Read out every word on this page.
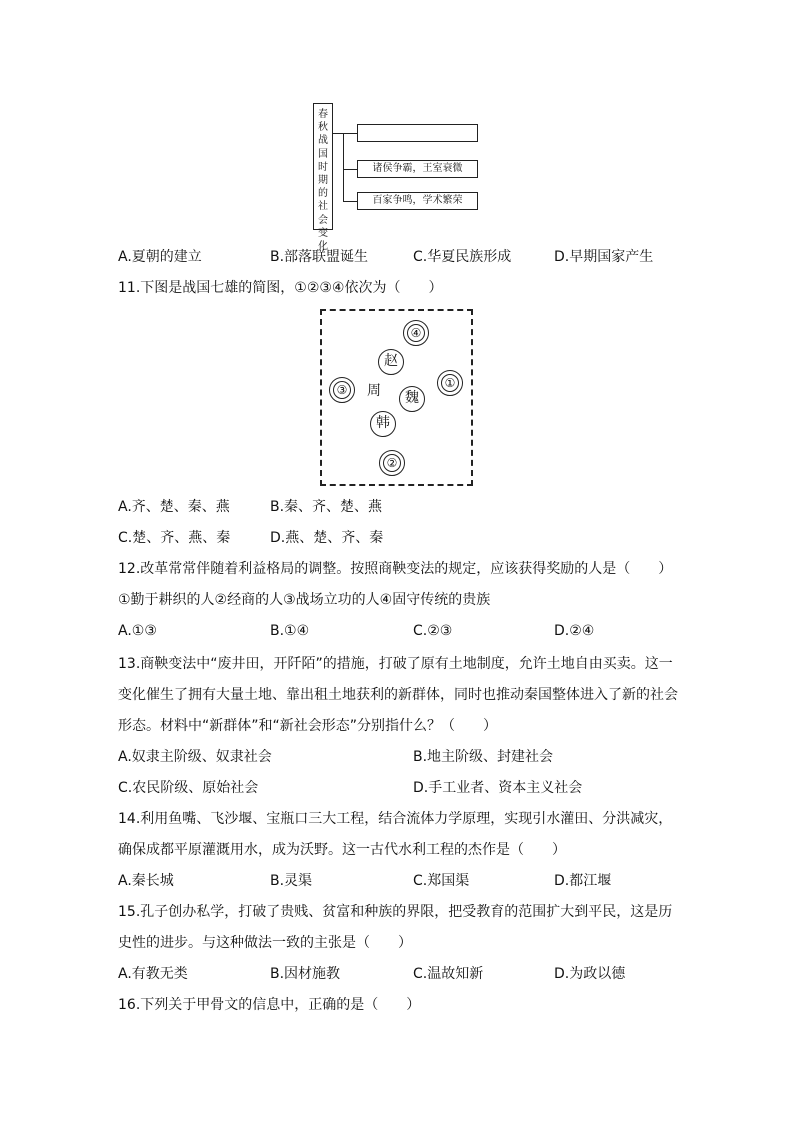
春秋战国时期的社会变化
诸侯争霸，王室衰微
百家争鸣，学术繁荣
A.夏朝的建立	B.部落联盟诞生	C.华夏民族形成	D.早期国家产生
11.下图是战国七雄的简图，①②③④依次为（　　）
④
赵
③ 周	魏
①
韩
②
A.齐、楚、秦、燕	B.秦、齐、楚、燕
C.楚、齐、燕、秦	D.燕、楚、齐、秦
12.改革常常伴随着利益格局的调整。按照商鞅变法的规定，应该获得奖励的人是（　　）
①勤于耕织的人②经商的人③战场立功的人④固守传统的贵族
A.①③	B.①④	C.②③	D.②④
13.商鞅变法中“废井田，开阡陌”的措施，打破了原有土地制度，允许土地自由买卖。这一
变化催生了拥有大量土地、靠出租土地获利的新群体，同时也推动秦国整体进入了新的社会
形态。材料中“新群体”和“新社会形态”分别指什么？（　　）
A.奴隶主阶级、奴隶社会	B.地主阶级、封建社会
C.农民阶级、原始社会	D.手工业者、资本主义社会
14.利用鱼嘴、飞沙堰、宝瓶口三大工程，结合流体力学原理，实现引水灌田、分洪减灾，
确保成都平原灌溉用水，成为沃野。这一古代水利工程的杰作是（　　）
A.秦长城	B.灵渠	C.郑国渠	D.都江堰
15.孔子创办私学，打破了贵贱、贫富和种族的界限，把受教育的范围扩大到平民，这是历
史性的进步。与这种做法一致的主张是（　　）
A.有教无类	B.因材施教	C.温故知新	D.为政以德
16.下列关于甲骨文的信息中，正确的是（　　）
